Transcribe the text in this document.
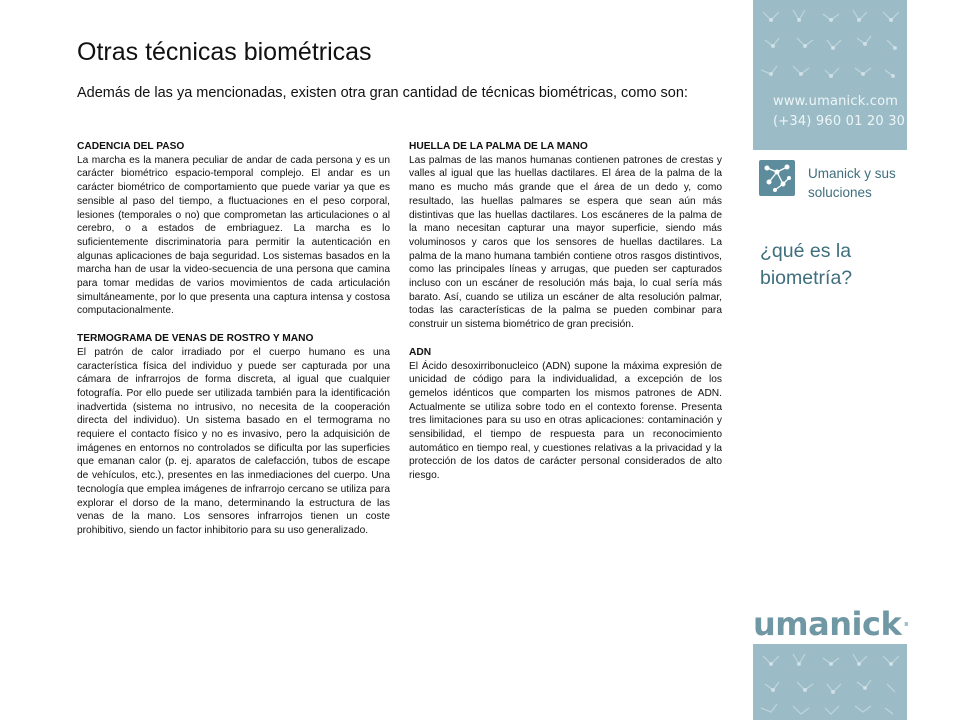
Otras técnicas biométricas

Además de las ya mencionadas, existen otra gran cantidad de técnicas biométricas, como son:

CADENCIA DEL PASO
La marcha es la manera peculiar de andar de cada persona y es un carácter biométrico espacio-temporal complejo. El andar es un carácter biométrico de comportamiento que puede variar ya que es sensible al paso del tiempo, a fluctuaciones en el peso corporal, lesiones (temporales o no) que comprometan las articulaciones o al cerebro, o a estados de embriaguez. La marcha es lo suficientemente discriminatoria para permitir la autenticación en algunas aplicaciones de baja seguridad. Los sistemas basados en la marcha han de usar la video-secuencia de una persona que camina para tomar medidas de varios movimientos de cada articulación simultáneamente, por lo que presenta una captura intensa y costosa computacionalmente.
TERMOGRAMA DE VENAS DE ROSTRO Y MANO
El patrón de calor irradiado por el cuerpo humano es una característica física del individuo y puede ser capturada por una cámara de infrarrojos de forma discreta, al igual que cualquier fotografía. Por ello puede ser utilizada también para la identificación inadvertida (sistema no intrusivo, no necesita de la cooperación directa del individuo). Un sistema basado en el termograma no requiere el contacto físico y no es invasivo, pero la adquisición de imágenes en entornos no controlados se dificulta por las superficies que emanan calor (p. ej. aparatos de calefacción, tubos de escape de vehículos, etc.), presentes en las inmediaciones del cuerpo. Una tecnología que emplea imágenes de infrarrojo cercano se utiliza para explorar el dorso de la mano, determinando la estructura de las venas de la mano. Los sensores infrarrojos tienen un coste prohibitivo, siendo un factor inhibitorio para su uso generalizado.
HUELLA DE LA PALMA DE LA MANO
Las palmas de las manos humanas contienen patrones de crestas y valles al igual que las huellas dactilares. El área de la palma de la mano es mucho más grande que el área de un dedo y, como resultado, las huellas palmares se espera que sean aún más distintivas que las huellas dactilares. Los escáneres de la palma de la mano necesitan capturar una mayor superficie, siendo más voluminosos y caros que los sensores de huellas dactilares. La palma de la mano humana también contiene otros rasgos distintivos, como las principales líneas y arrugas, que pueden ser capturados incluso con un escáner de resolución más baja, lo cual sería más barato. Así, cuando se utiliza un escáner de alta resolución palmar, todas las características de la palma se pueden combinar para construir un sistema biométrico de gran precisión.
ADN
El Ácido desoxirribonucleico (ADN) supone la máxima expresión de unicidad de código para la individualidad, a excepción de los gemelos idénticos que comparten los mismos patrones de ADN. Actualmente se utiliza sobre todo en el contexto forense. Presenta tres limitaciones para su uso en otras aplicaciones: contaminación y sensibilidad, el tiempo de respuesta para un reconocimiento automático en tiempo real, y cuestiones relativas a la privacidad y la protección de los datos de carácter personal considerados de alto riesgo.
www.umanick.com
(+34) 960 01 20 30
Umanick y sus soluciones
¿qué es la biometría?
umanick·
